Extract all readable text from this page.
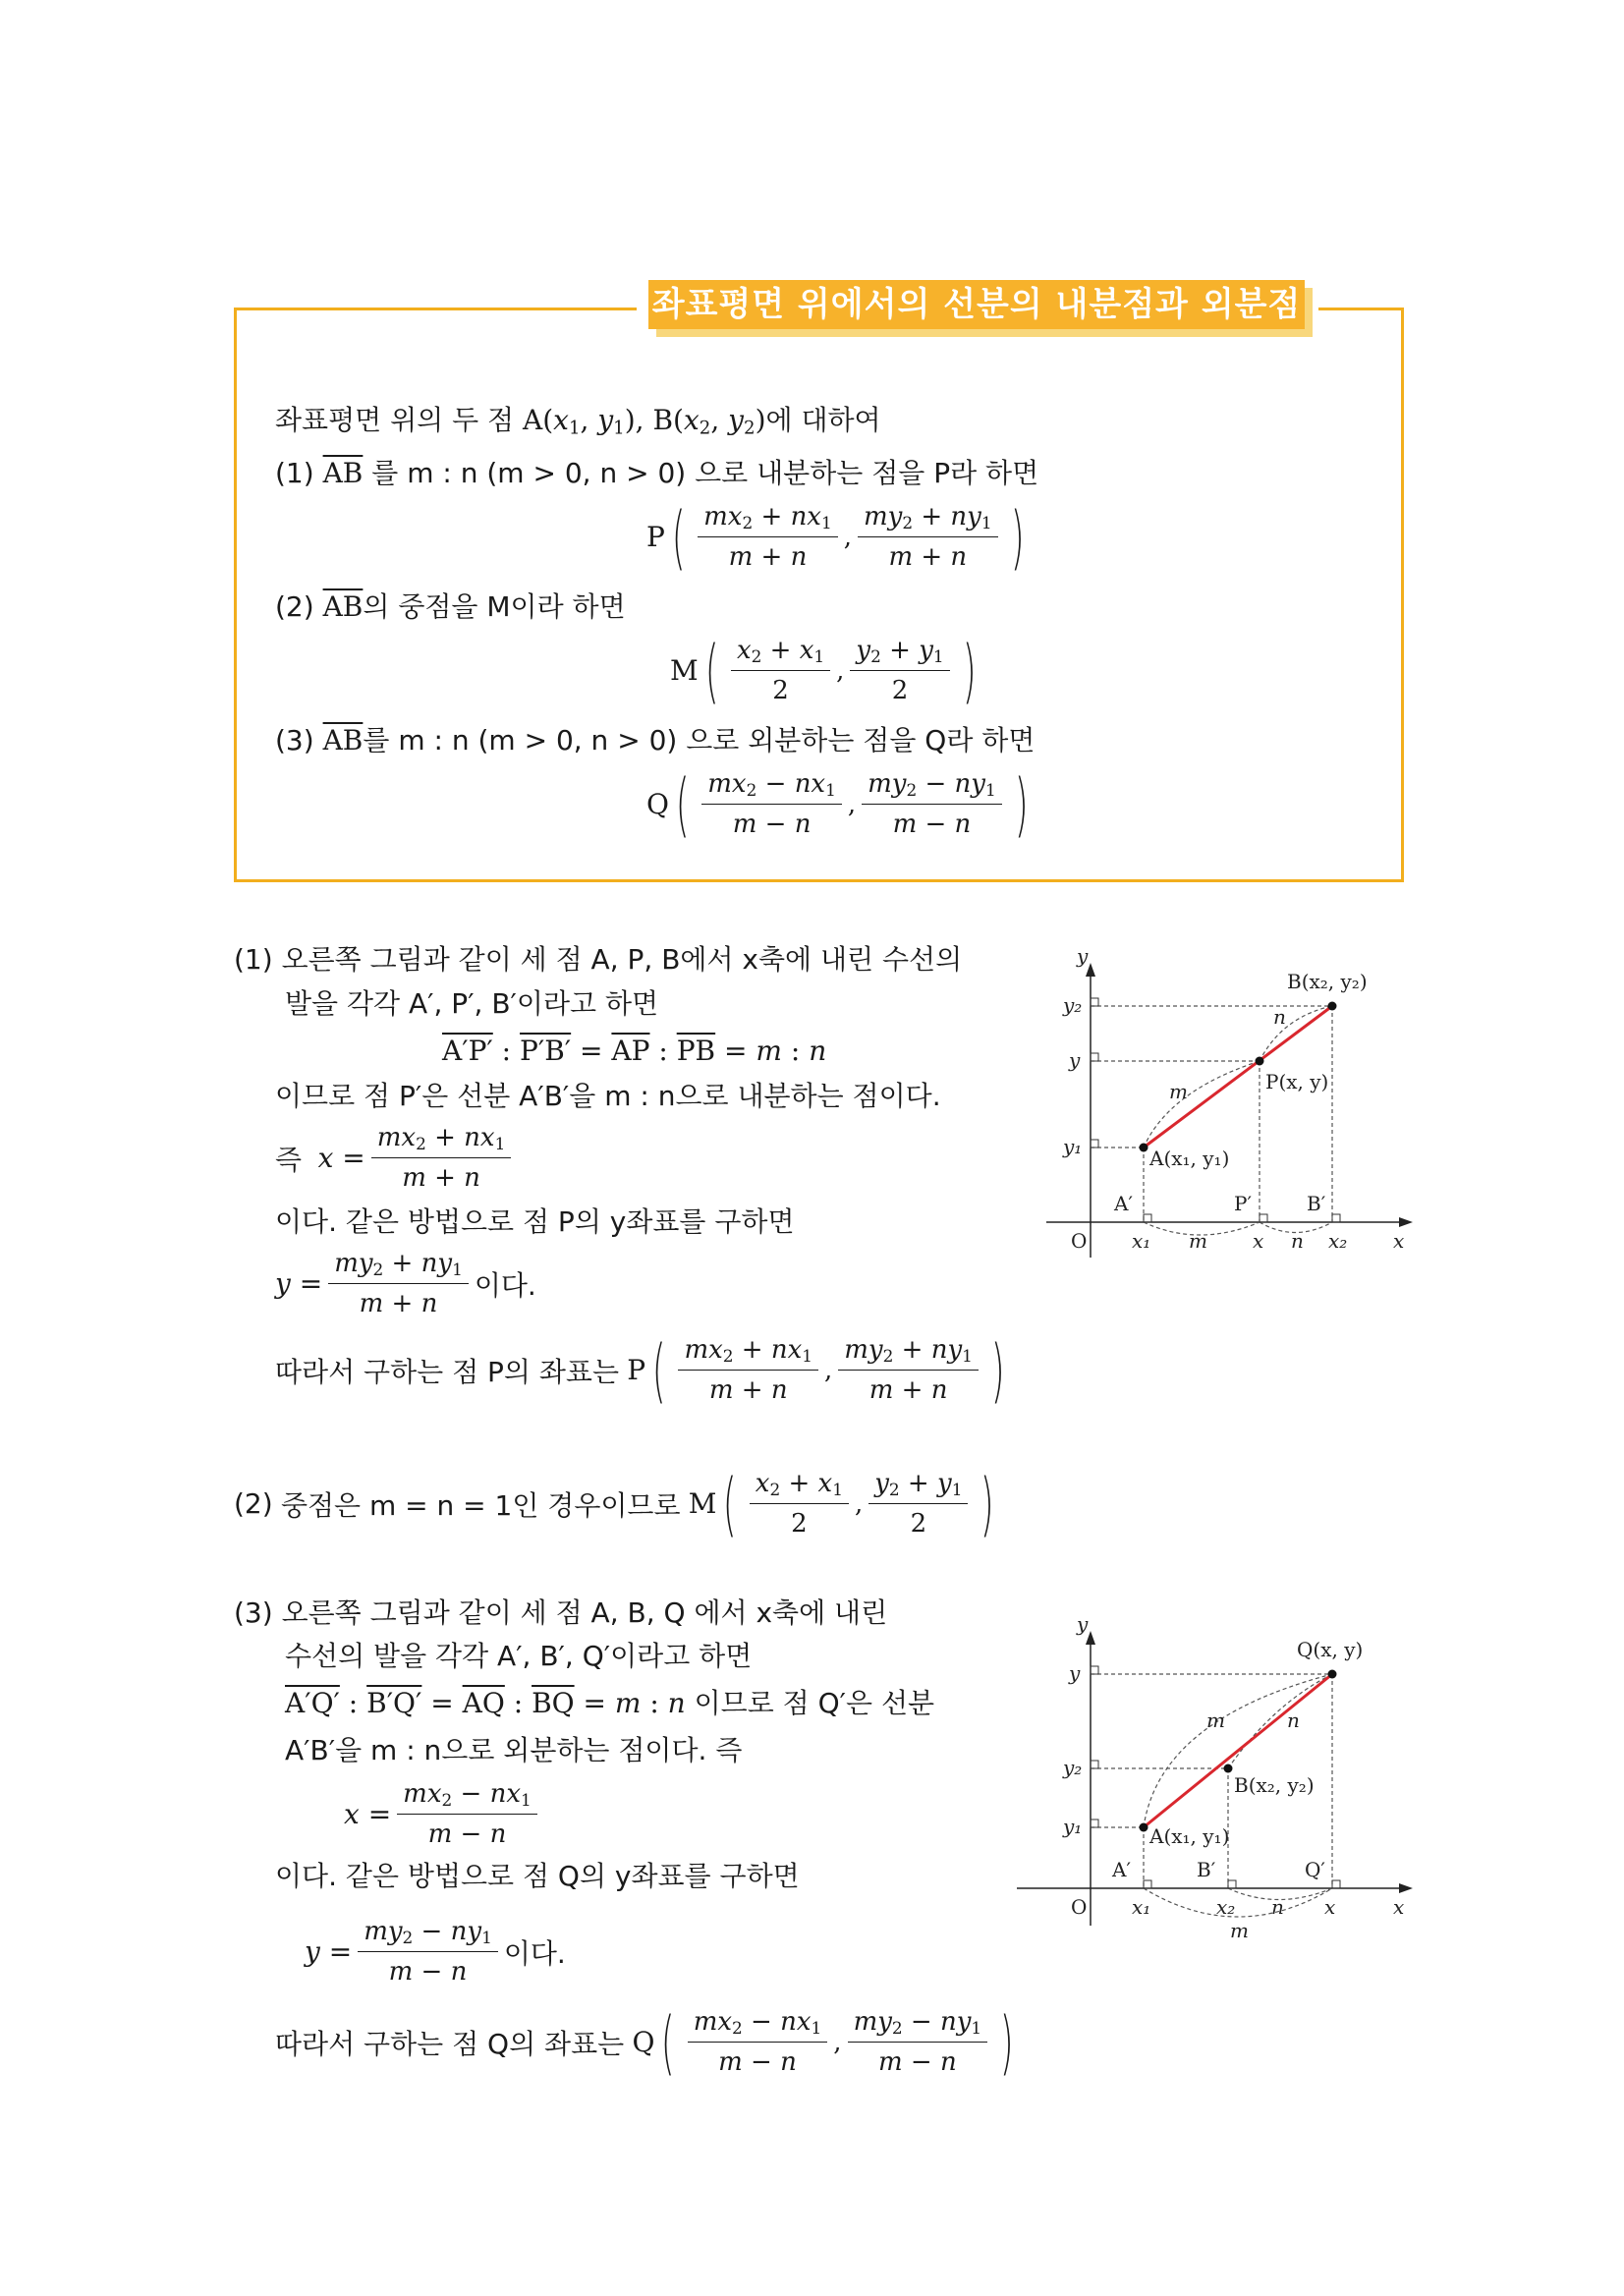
좌표평면 위에서의 선분의 내분점과 외분점
좌표평면 위의 두 점 $A(x_1$, $y_1$), $B(x_2$, $y_2$)에 대하여
(1) $\overline{AB}$ 를 m : n (m > 0, n > 0) 으로 내분하는 점을 P라 하면
P ( $\frac{mx_2 + nx_1}{m + n}$ , $\frac{my_2 + ny_1}{m + n}$ )
(2) $\overline{AB}$의 중점을 M이라 하면
M ( $\frac{x_2 + x_1}{2}$ , $\frac{y_2 + y_1}{2}$ )
(3) $\overline{AB}$를 m : n (m > 0, n > 0) 으로 외분하는 점을 Q라 하면
Q ( $\frac{mx_2 - nx_1}{m - n}$ , $\frac{my_2 - ny_1}{m - n}$ )
(1) 오른쪽 그림과 같이 세 점 A, P, B에서 x축에 내린 수선의
발을 각각 A′, P′, B′이라고 하면
A′P′ : $P'B' = \overline{AP}$ : $\overline{PB} = m$ : n
이므로 점 P′은 선분 A′B′을 m : n으로 내분하는 점이다.
즉
$x = \frac{mx_2 + nx_1}{m + n}$
이다. 같은 방법으로 점 P의 y좌표를 구하면
$y = \frac{my_2 + ny_1}{m + n}$ 이다.
따라서 구하는 점 P의 좌표는
P ( $\frac{mx_2 + nx_1}{m + n}$ , $\frac{my_2 + ny_1}{m + n}$ )
(2)
중점은 m = n = 1인 경우이므로
M ( $\frac{x_2 + x_1}{2}$ , $\frac{y_2 + y_1}{2}$ )
(3) 오른쪽 그림과 같이 세 점 A, B, Q 에서 x축에 내린
수선의 발을 각각 A′, B′, Q′이라고 하면
A′Q′ : $B'Q' = \overline{AQ}$ : $\overline{BQ} = m$ : n 이므로 점 Q′은 선분
A′B′을 m : n으로 외분하는 점이다. 즉
$x = \frac{mx_2 - nx_1}{m - n}$
이다. 같은 방법으로 점 Q의 y좌표를 구하면
$y = \frac{my_2 - ny_1}{m - n}$ 이다.
따라서 구하는 점 Q의 좌표는
Q ( $\frac{mx_2 - nx_1}{m - n}$ , $\frac{my_2 - ny_1}{m - n}$ )
y
x
O
y₂
y
y₁
x₁	x	x₂
A(x₁, y₁)
P(x, y)
B(x₂, y₂)
A′	P′	B′
m
n
m	n
y
x
O
y
y₂
y₁
x₁	x₂	x
A(x₁, y₁)
B(x₂, y₂)
Q(x, y)
A′	B′	Q′
m	n
m
n
